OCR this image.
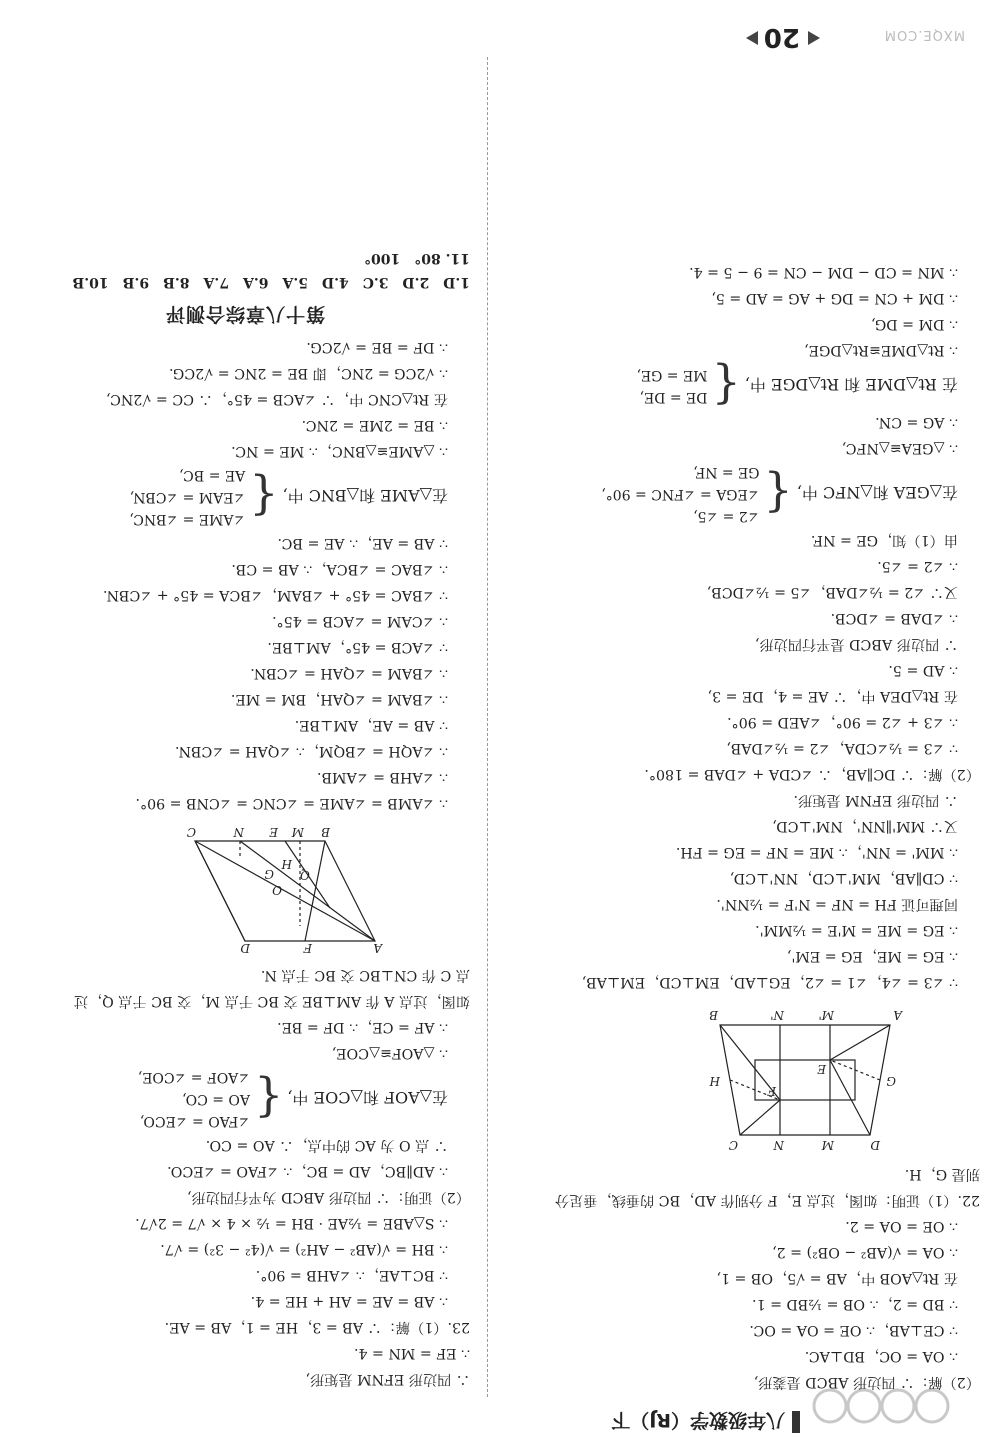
八年级数学（RJ）下
MXQE.COM
∴ 四边形 EFNM 是矩形,
∴ EF = MN = 4.
23.（1）解：∵ AB = 3，HE = 1，AB = AE.
∴ AB = AE = AH + HE = 4.
∵ BC⊥AE，∴ ∠AHB = 90°.
∴ BH = √(AB² − AH²) = √(4² − 3²) = √7.
∴ S△ABE = ½AE · BH = ½ × 4 × √7 = 2√7.
（2）证明：∵ 四边形 ABCD 为平行四边形,
∴ AD∥BC，AD = BC，∴ ∠FAO = ∠ECO.
∵ 点 O 为 AC 的中点，∴ AO = CO.
在△AOF 和△COE 中,{
∠FAO = ∠ECO,
AO = CO,
∠AOF = ∠COE,
∴ △AOF≌△COE,
∴ AF = CE，∴ DF = BE.
如图，过点 A 作 AM⊥BE 交 BC 于点 M，交 BC 于点 Q，过
点 C 作 CN⊥BC 交 BC 于点 N.
A
F
D
B
M
E
N
C
H
Q
O
G
∴ ∠AMB = ∠AME = ∠CNC = ∠CNB = 90°.
∴ ∠AHB = ∠AMB.
∴ ∠AQH = ∠BQM，∴ ∠QAH = ∠CBN.
∵ AB = AE，AM⊥BE.
∴ ∠BAM = ∠QAH，BM = ME.
∴ ∠BAM = ∠QAH = ∠CBN.
∵ ∠ACB = 45°，AM⊥BE.
∴ ∠CAM = ∠ACB = 45°.
∵ ∠BAC = 45° + ∠BAM，∠BCA = 45° + ∠CBN.
∴ ∠BAC = ∠BCA，∴ AB = CB.
∵ AB = AE，∴ AE = BC.
在△AME 和△BNC 中,{
∠AME = ∠BNC,
∠EAM = ∠CBN,
AE = BC,
∴ △AME≌△BNC，∴ ME = NC.
∴ BE = 2ME = 2NC.
在 Rt△CNC 中，∵ ∠ACB = 45°，∴ CC = √2NC,
∴ √2CG = 2NC，即 BE = 2NC = √2CG.
∴ DF = BE = √2CG.
第十八章综合测评
1.D　2.D　3.C　4.D　5.A　6.A　7.A　8.B　9.B　10.B
11. 80°　100°
（2）解：∵ 四边形 ABCD 是菱形,
∴ OA = OC，BD⊥AC.
∵ CE⊥AB，∴ OE = OA = OC.
∵ BD = 2，∴ OB = ½BD = 1.
在 Rt△AOB 中，AB = √5，OB = 1,
∴ OA = √(AB² − OB²) = 2,
∴ OE = OA = 2.
22.（1）证明：如图，过点 E，F 分别作 AD，BC 的垂线，垂足分
别是 G，H.
D
M
N
C
G
H
E
F
A
M'
N'
B
∵ ∠3 = ∠4，∠1 = ∠2，EG⊥AD，EM⊥CD，EM⊥AB,
∴ EG = ME，EG = EM',
∴ EG = ME = M'E = ½MM'.
同理可证 FH = NF = N'F = ½NN'.
∵ CD∥AB，MM'⊥CD，NN'⊥CD,
∴ MM' = NN'，∴ ME = NF = EG = FH.
又∵ MM'∥NN'，NM'⊥CD,
∴ 四边形 EFNM 是矩形.
（2）解：∵ DC∥AB，∴ ∠CDA + ∠DAB = 180°.
∵ ∠3 = ½∠CDA，∠2 = ½∠DAB,
∴ ∠3 + ∠2 = 90°，∠AED = 90°.
在 Rt△DEA 中，∵ AE = 4，DE = 3,
∴ AD = 5.
∵ 四边形 ABCD 是平行四边形,
∴ ∠DAB = ∠DCB.
又∵ ∠2 = ½∠DAB，∠5 = ½∠DCB,
∴ ∠2 = ∠5.
由（1）知，GE = NF.
在△GEA 和△NFC 中,{
∠2 = ∠5,
∠EGA = ∠FNC = 90°,
GE = NF,
∴ △GEA≌△NFC,
∴ AG = CN.
在 Rt△DME 和 Rt△DGE 中,{
DE = DE,
ME = GE,
∴ Rt△DME≌Rt△DGE,
∴ DM = DG,
∴ DM + CN = DG + AG = AD = 5,
∴ MN = CD − DM − CN = 9 − 5 = 4.
20
